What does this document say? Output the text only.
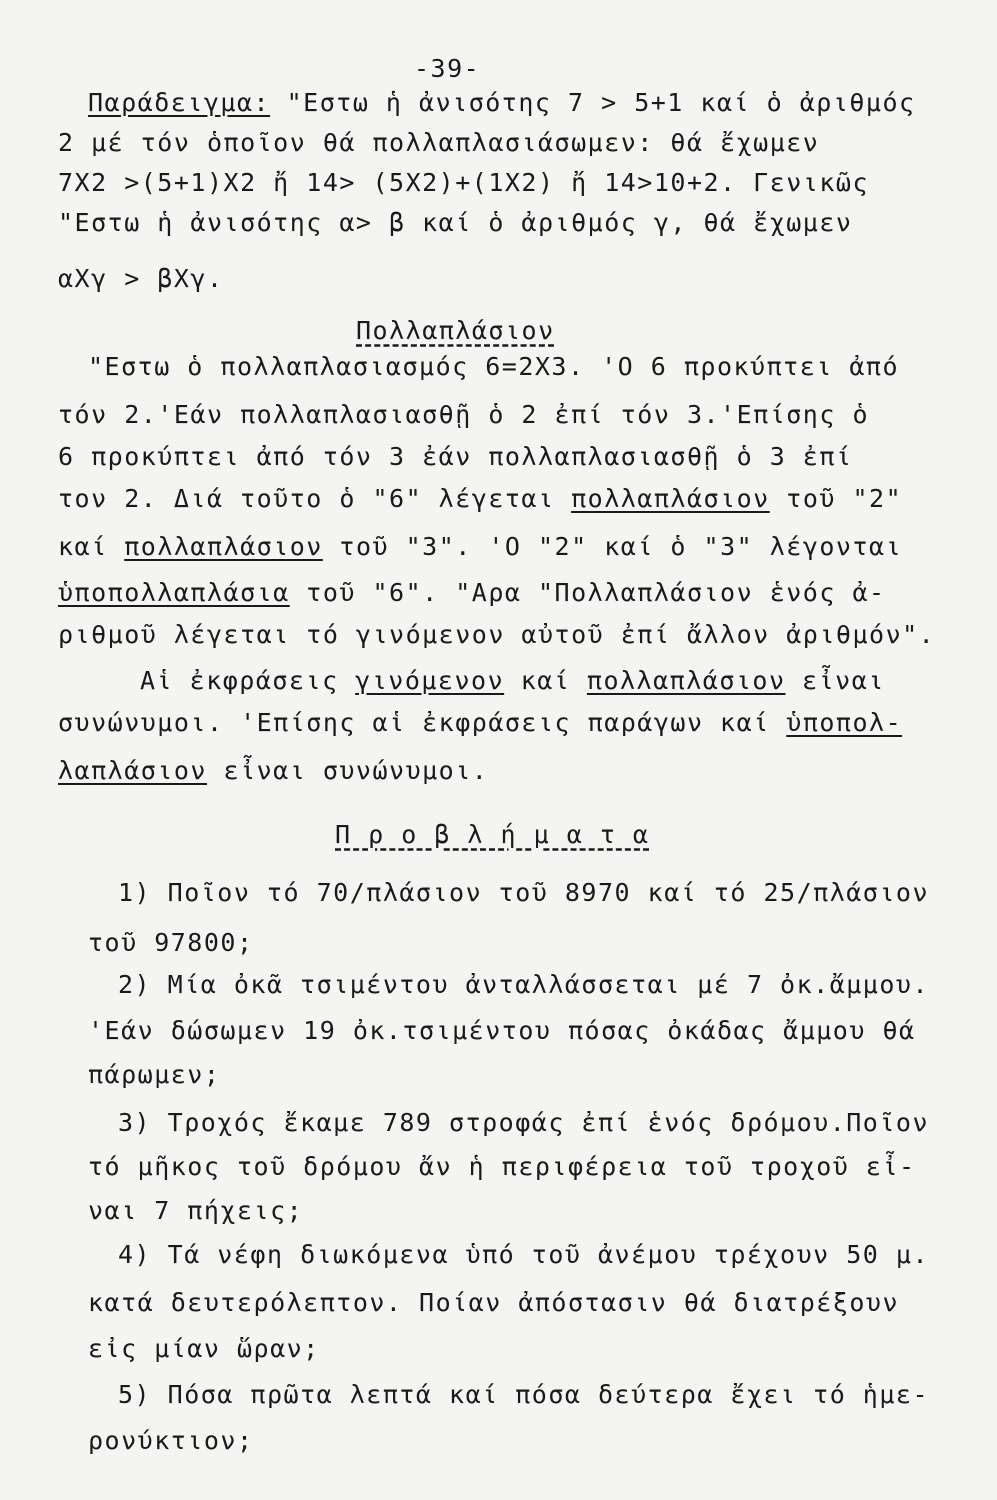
-39-
Παράδειγμα: "Εστω ἡ ἀνισότης 7 > 5+1 καί ὁ ἀριθμός
2 μέ τόν ὁποῖον θά πολλαπλασιάσωμεν: θά ἔχωμεν
7Χ2 >(5+1)Χ2 ἤ 14> (5Χ2)+(1Χ2) ἤ 14>10+2. Γενικῶς
"Εστω ἡ ἀνισότης α> β καί ὁ ἀριθμός γ, θά ἔχωμεν
αΧγ > βΧγ.
Πολλαπλάσιον
"Εστω ὁ πολλαπλασιασμός 6=2Χ3. 'Ο 6 προκύπτει ἀπό
τόν 2.'Εάν πολλαπλασιασθῇ ὁ 2 ἐπί τόν 3.'Επίσης ὁ
6 προκύπτει ἀπό τόν 3 ἐάν πολλαπλασιασθῇ ὁ 3 ἐπί
τον 2. Διά τοῦτο ὁ "6" λέγεται πολλαπλάσιον τοῦ "2"
καί πολλαπλάσιον τοῦ "3". 'Ο "2" καί ὁ "3" λέγονται
ὑποπολλαπλάσια τοῦ "6". "Αρα "Πολλαπλάσιον ἑνός ἀ-
ριθμοῦ λέγεται τό γινόμενον αὐτοῦ ἐπί ἄλλον ἀριθμόν".
Αἱ ἐκφράσεις γινόμενον καί πολλαπλάσιον εἶναι
συνώνυμοι. 'Επίσης αἱ ἐκφράσεις παράγων καί ὑποπολ-
λαπλάσιον εἶναι συνώνυμοι.
Π ρ ο β λ ή μ α τ α
1) Ποῖον τό 70/πλάσιον τοῦ 8970 καί τό 25/πλάσιον
τοῦ 97800;
2) Μία ὀκᾶ τσιμέντου ἀνταλλάσσεται μέ 7 ὀκ.ἄμμου.
'Εάν δώσωμεν 19 ὀκ.τσιμέντου πόσας ὀκάδας ἄμμου θά
πάρωμεν;
3) Τροχός ἔκαμε 789 στροφάς ἐπί ἑνός δρόμου.Ποῖον
τό μῆκος τοῦ δρόμου ἄν ἡ περιφέρεια τοῦ τροχοῦ εἶ-
ναι 7 πήχεις;
4) Τά νέφη διωκόμενα ὑπό τοῦ ἀνέμου τρέχουν 50 μ.
κατά δευτερόλεπτον. Ποίαν ἀπόστασιν θά διατρέξουν
εἰς μίαν ὥραν;
5) Πόσα πρῶτα λεπτά καί πόσα δεύτερα ἔχει τό ἡμε-
ρονύκτιον;
